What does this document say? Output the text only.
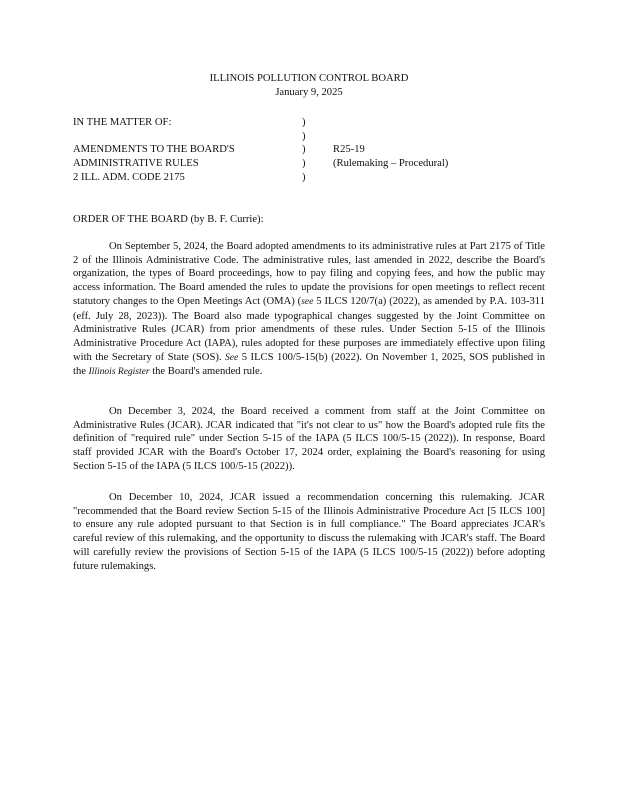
ILLINOIS POLLUTION CONTROL BOARD
January 9, 2025
IN THE MATTER OF:
AMENDMENTS TO THE BOARD'S
ADMINISTRATIVE RULES
2 ILL. ADM. CODE 2175
)
)
)
)
)
R25-19
(Rulemaking – Procedural)
ORDER OF THE BOARD (by B. F. Currie):
On September 5, 2024, the Board adopted amendments to its administrative rules at Part 2175 of Title 2 of the Illinois Administrative Code. The administrative rules, last amended in 2022, describe the Board's organization, the types of Board proceedings, how to pay filing and copying fees, and how the public may access information. The Board amended the rules to update the provisions for open meetings to reflect recent statutory changes to the Open Meetings Act (OMA) (see 5 ILCS 120/7(a) (2022), as amended by P.A. 103-311 (eff. July 28, 2023)). The Board also made typographical changes suggested by the Joint Committee on Administrative Rules (JCAR) from prior amendments of these rules. Under Section 5-15 of the Illinois Administrative Procedure Act (IAPA), rules adopted for these purposes are immediately effective upon filing with the Secretary of State (SOS). See 5 ILCS 100/5-15(b) (2022). On November 1, 2025, SOS published in the Illinois Register the Board's amended rule.
On December 3, 2024, the Board received a comment from staff at the Joint Committee on Administrative Rules (JCAR). JCAR indicated that "it's not clear to us" how the Board's adopted rule fits the definition of "required rule" under Section 5-15 of the IAPA (5 ILCS 100/5-15 (2022)). In response, Board staff provided JCAR with the Board's October 17, 2024 order, explaining the Board's reasoning for using Section 5-15 of the IAPA (5 ILCS 100/5-15 (2022)).
On December 10, 2024, JCAR issued a recommendation concerning this rulemaking. JCAR "recommended that the Board review Section 5-15 of the Illinois Administrative Procedure Act [5 ILCS 100] to ensure any rule adopted pursuant to that Section is in full compliance." The Board appreciates JCAR's careful review of this rulemaking, and the opportunity to discuss the rulemaking with JCAR's staff. The Board will carefully review the provisions of Section 5-15 of the IAPA (5 ILCS 100/5-15 (2022)) before adopting future rulemakings.
